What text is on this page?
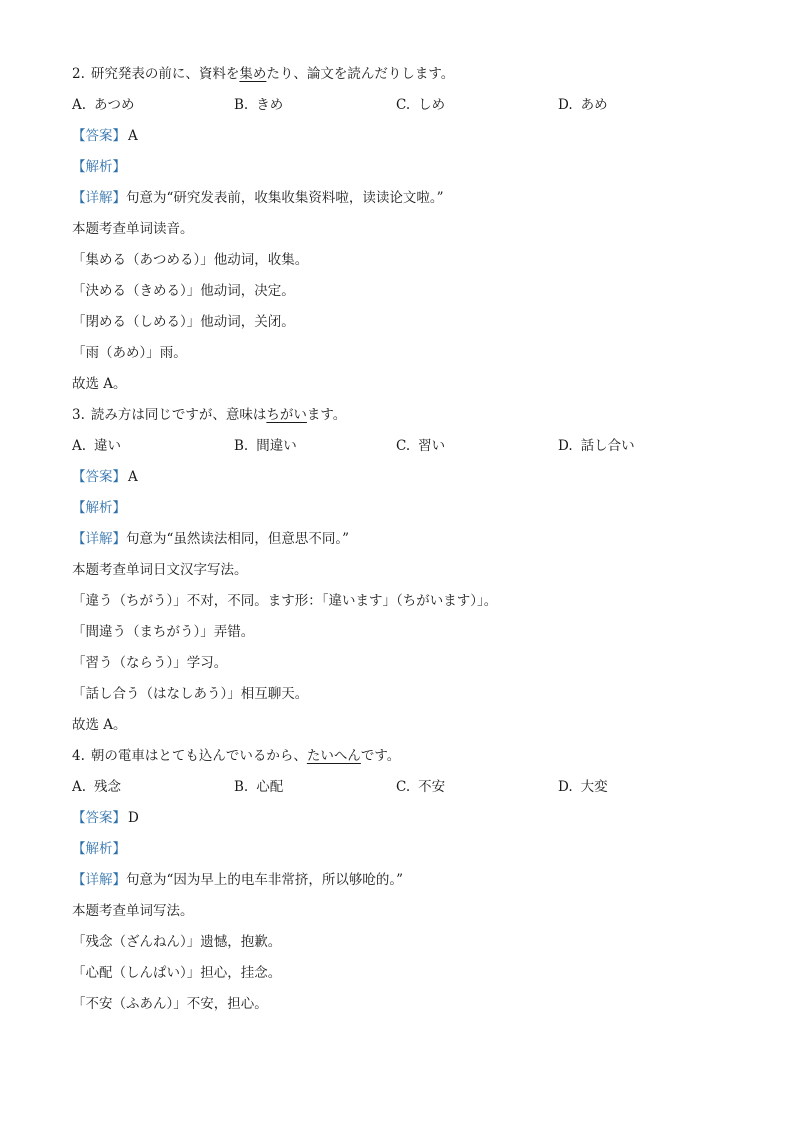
2. 研究発表の前に、資料を集めたり、論文を読んだりします。
A. あつめ	B. きめ	C. しめ	D. あめ
【答案】 A
【解析】
【详解】句意为“研究发表前，收集收集资料啦，读读论文啦。”
本题考查单词读音。
「集める（あつめる）」他动词，收集。
「決める（きめる）」他动词，决定。
「閉める（しめる）」他动词，关闭。
「雨（あめ）」雨。
故选 A。
3. 読み方は同じですが、意味はちがいます。
A. 違い	B. 間違い	C. 習い	D. 話し合い
【答案】 A
【解析】
【详解】句意为“虽然读法相同，但意思不同。”
本题考查单词日文汉字写法。
「違う（ちがう）」不对，不同。ます形：「違います」（ちがいます）」。
「間違う（まちがう）」弄错。
「習う（ならう）」学习。
「話し合う（はなしあう）」相互聊天。
故选 A。
4. 朝の電車はとても込んでいるから、たいへんです。
A. 残念	B. 心配	C. 不安	D. 大変
【答案】 D
【解析】
【详解】句意为“因为早上的电车非常挤，所以够呛的。”
本题考查单词写法。
「残念（ざんねん）」遗憾，抱歉。
「心配（しんぱい）」担心，挂念。
「不安（ふあん）」不安，担心。
